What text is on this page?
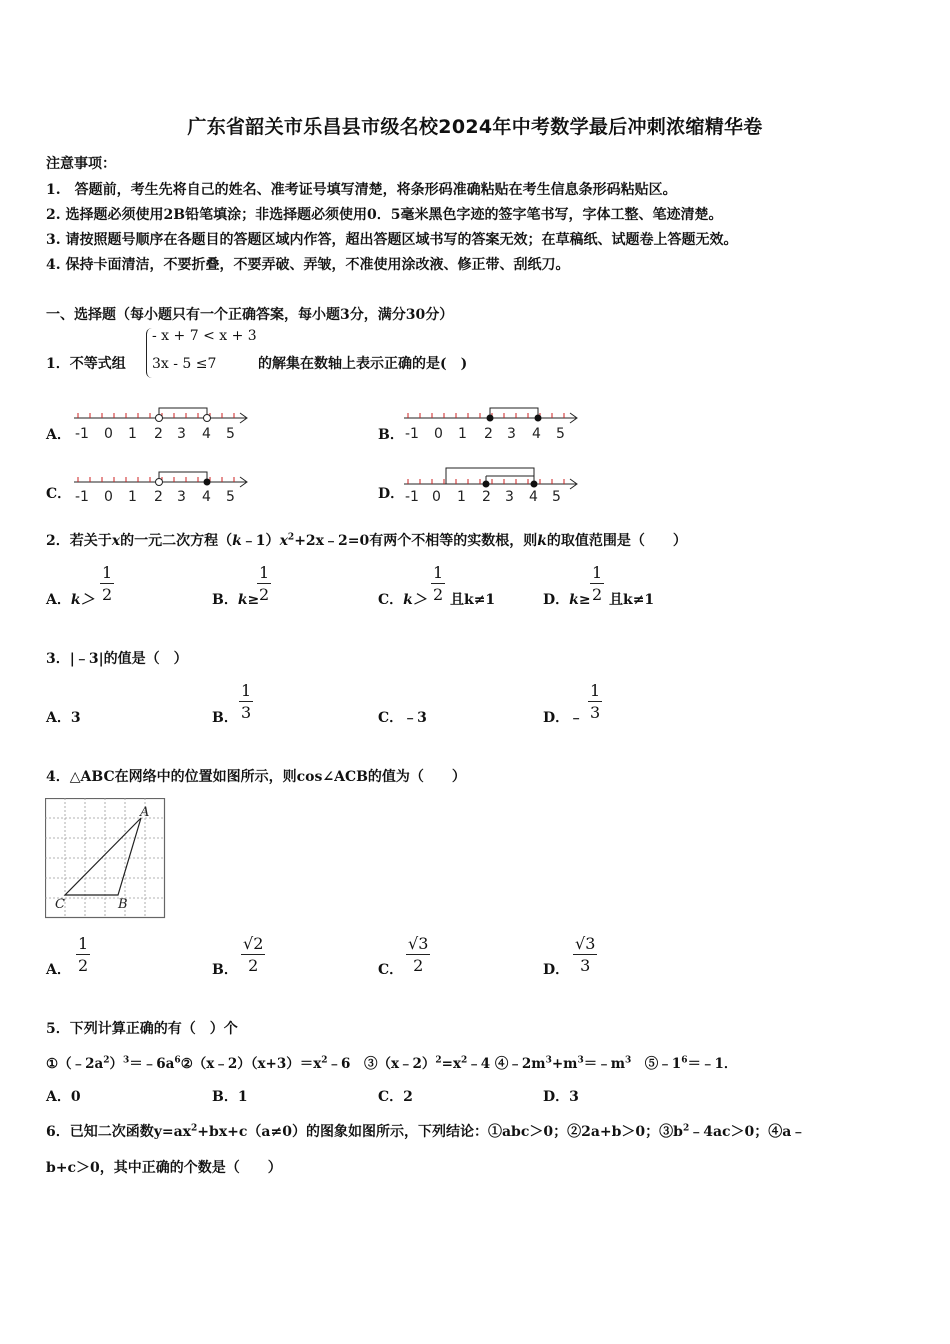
广东省韶关市乐昌县市级名校2024年中考数学最后冲刺浓缩精华卷
注意事项：
1.　答题前，考生先将自己的姓名、准考证号填写清楚，将条形码准确粘贴在考生信息条形码粘贴区。
2. 选择题必须使用2B铅笔填涂；非选择题必须使用0．5毫米黑色字迹的签字笔书写，字体工整、笔迹清楚。
3. 请按照题号顺序在各题目的答题区域内作答，超出答题区域书写的答案无效；在草稿纸、试题卷上答题无效。
4. 保持卡面清洁，不要折叠，不要弄破、弄皱，不准使用涂改液、修正带、刮纸刀。
一、选择题（每小题只有一个正确答案，每小题3分，满分30分）
1．不等式组
- x + 7 < x + 3
3x - 5 ≤7	的解集在数轴上表示正确的是(　)
A．	B．
C．	D．
-1 0 1 2 3 4 5	-1 0 1 2 3 4 5
-1 0 1 2 3 4 5	-1 0 1 2 3 4 5
2．若关于x的一元二次方程$(k﹣1)x^2+2x﹣2=0$有两个不相等的实数根，则k的取值范围是（　　）
A．k＞
1
2	B．k≥
1
2	C．k＞
1
2 且k≠1	D．k≥
1
2 且k≠1
3．|﹣3|的值是（　）
A．3	B．
1
3	C．﹣3	D．﹣
1
3
4．△ABC在网络中的位置如图所示，则cos∠ACB的值为（　　）
A
B
C
A．
1
2	B．
√2
2	C．
√3
2	D．
√3
3
5．下列计算正确的有（　）个
$①(﹣2a^2)^3=﹣6a^6②(x﹣2)(x+3)=x^2﹣6$　$③(x﹣2)^2=x^2﹣4$ $④﹣2m^3+m^3=﹣m^3$　$⑤﹣1^6=﹣1$．
A．0	B．1	C．2	D．3
6．已知二次函数$y=ax^2+bx+c(a\ne 0)$的图象如图所示，下列结论：①abc＞0；②2a+b＞0；$③b^2﹣4ac>0$；④a﹣
b+c＞0，其中正确的个数是（　　）
